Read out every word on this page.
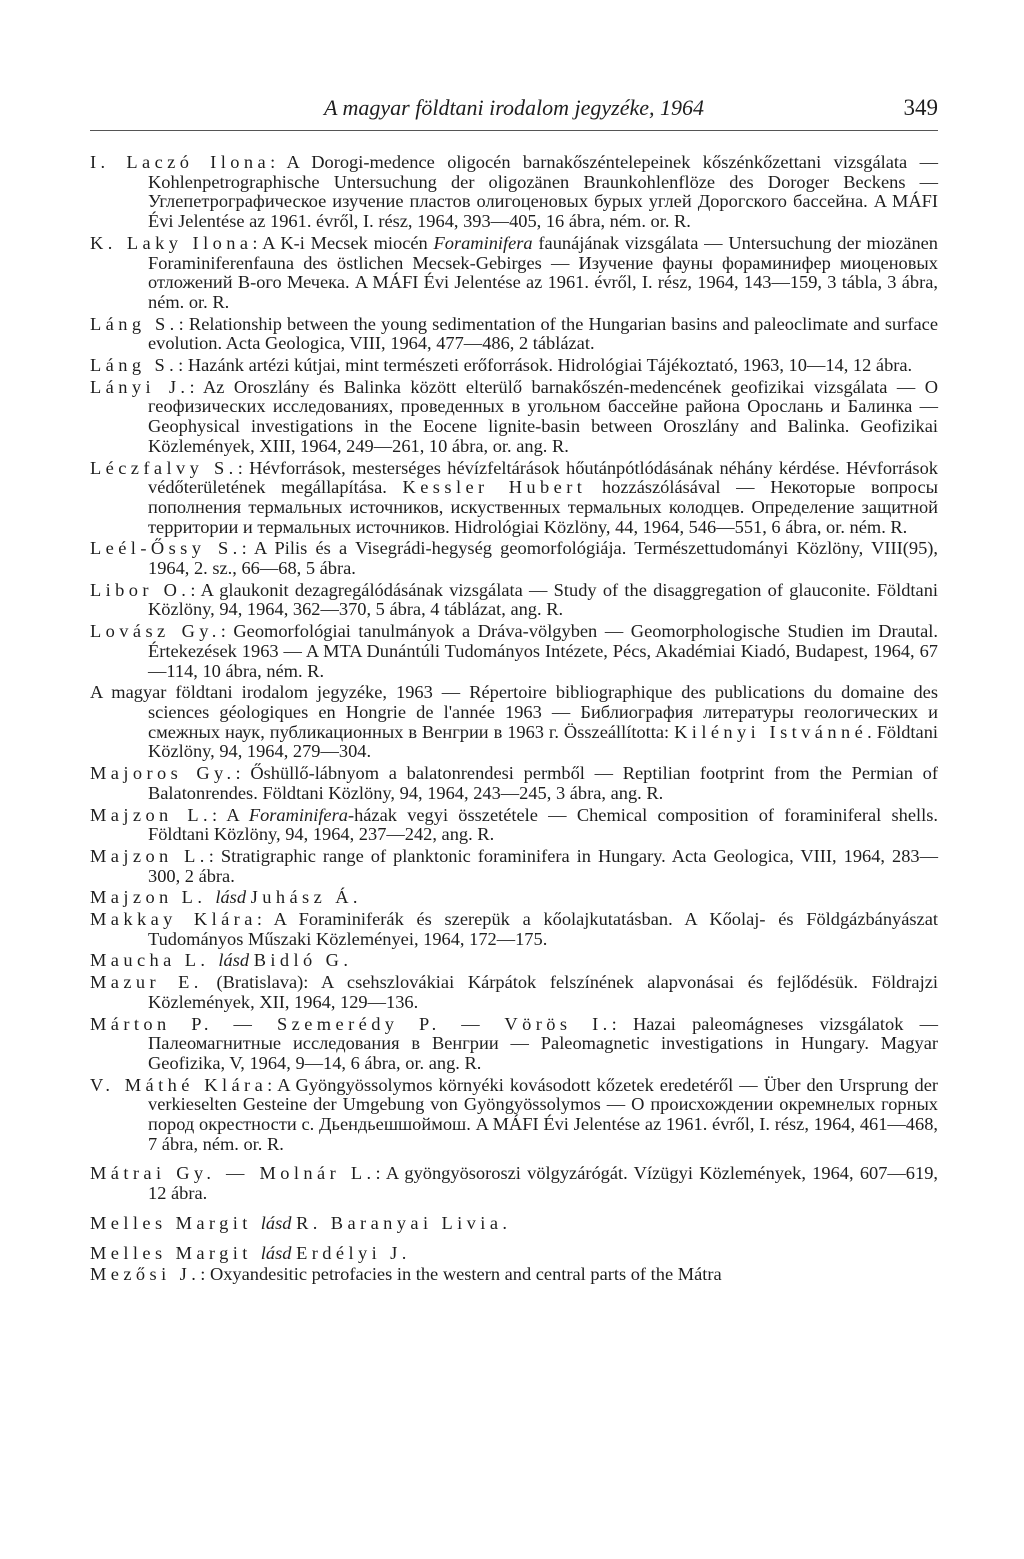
A magyar földtani irodalom jegyzéke, 1964	349

I. Laczó Ilona: A Dorogi-medence oligocén barnakőszéntelepeinek kőszénkőzettani vizsgálata — Kohlenpetrographische Untersuchung der oligozänen Braunkohlenflöze des Doroger Beckens — Углепетрографическое изучение пластов олигоценовых бурых углей Дорогского бассейна. A MÁFI Évi Jelentése az 1961. évről, I. rész, 1964, 393—405, 16 ábra, ném. or. R.

K. Laky Ilona: A K-i Mecsek miocén Foraminifera faunájának vizsgálata — Untersuchung der miozänen Foraminiferenfauna des östlichen Mecsek-Gebirges — Изучение фауны фораминифер миоценовых отложений В-ого Мечека. A MÁFI Évi Jelentése az 1961. évről, I. rész, 1964, 143—159, 3 tábla, 3 ábra, ném. or. R.

Láng S.: Relationship between the young sedimentation of the Hungarian basins and paleoclimate and surface evolution. Acta Geologica, VIII, 1964, 477—486, 2 táblázat.

Láng S.: Hazánk artézi kútjai, mint természeti erőforrások. Hidrológiai Tájékoztató, 1963, 10—14, 12 ábra.

Lányi J.: Az Oroszlány és Balinka között elterülő barnakőszén-medencének geofizikai vizsgálata — О геофизических исследованиях, проведенных в угольном бассейне района Орослань и Балинка — Geophysical investigations in the Eocene lignite-basin between Oroszlány and Balinka. Geofizikai Közlemények, XIII, 1964, 249—261, 10 ábra, or. ang. R.

Léczfalvy S.: Hévforrások, mesterséges hévízfeltárások hőutánpótlódásának néhány kérdése. Hévforrások védőterületének megállapítása. Kessler Hubert hozzászólásával — Некоторые вопросы пополнения термальных источников, искуственных термальных колодцев. Определение защитной территории и термальных источников. Hidrológiai Közlöny, 44, 1964, 546—551, 6 ábra, or. ném. R.

Leél-Őssy S.: A Pilis és a Visegrádi-hegység geomorfológiája. Természettudományi Közlöny, VIII(95), 1964, 2. sz., 66—68, 5 ábra.

Libor O.: A glaukonit dezagregálódásának vizsgálata — Study of the disaggregation of glauconite. Földtani Közlöny, 94, 1964, 362—370, 5 ábra, 4 táblázat, ang. R.

Lovász Gy.: Geomorfológiai tanulmányok a Dráva-völgyben — Geomorphologische Studien im Drautal. Értekezések 1963 — A MTA Dunántúli Tudományos Intézete, Pécs, Akadémiai Kiadó, Budapest, 1964, 67—114, 10 ábra, ném. R.

A magyar földtani irodalom jegyzéke, 1963 — Répertoire bibliographique des publications du domaine des sciences géologiques en Hongrie de l'année 1963 — Библиография литературы геологических и смежных наук, публикационных в Венгрии в 1963 г. Összeállította: Kilényi Istvánné. Földtani Közlöny, 94, 1964, 279—304.

Majoros Gy.: Őshüllő-lábnyom a balatonrendesi permből — Reptilian footprint from the Permian of Balatonrendes. Földtani Közlöny, 94, 1964, 243—245, 3 ábra, ang. R.

Majzon L.: A Foraminifera-házak vegyi összetétele — Chemical composition of foraminiferal shells. Földtani Közlöny, 94, 1964, 237—242, ang. R.

Majzon L.: Stratigraphic range of planktonic foraminifera in Hungary. Acta Geologica, VIII, 1964, 283—300, 2 ábra.

Majzon L. lásd Juhász Á.

Makkay Klára: A Foraminiferák és szerepük a kőolajkutatásban. A Kőolaj- és Földgázbányászat Tudományos Műszaki Közleményei, 1964, 172—175.

Maucha L. lásd Bidló G.

Mazur E. (Bratislava): A csehszlovákiai Kárpátok felszínének alapvonásai és fejlődésük. Földrajzi Közlemények, XII, 1964, 129—136.

Márton P. — Szemerédy P. — Vörös I.: Hazai paleomágneses vizsgálatok — Палеомагнитные исследования в Венгрии — Paleomagnetic investigations in Hungary. Magyar Geofizika, V, 1964, 9—14, 6 ábra, or. ang. R.

V. Máthé Klára: A Gyöngyössolymos környéki kovásodott kőzetek eredetéről — Über den Ursprung der verkieselten Gesteine der Umgebung von Gyöngyössolymos — О происхождении окремнелых горных пород окрестности с. Дьендьешшоймош. A MÁFI Évi Jelentése az 1961. évről, I. rész, 1964, 461—468, 7 ábra, ném. or. R.

Mátrai Gy. — Molnár L.: A gyöngyösoroszi völgyzárógát. Vízügyi Közlemények, 1964, 607—619, 12 ábra.

Melles Margit lásd R. Baranyai Livia.

Melles Margit lásd Erdélyi J.

Mezősi J.: Oxyandesitic petrofacies in the western and central parts of the Mátra
